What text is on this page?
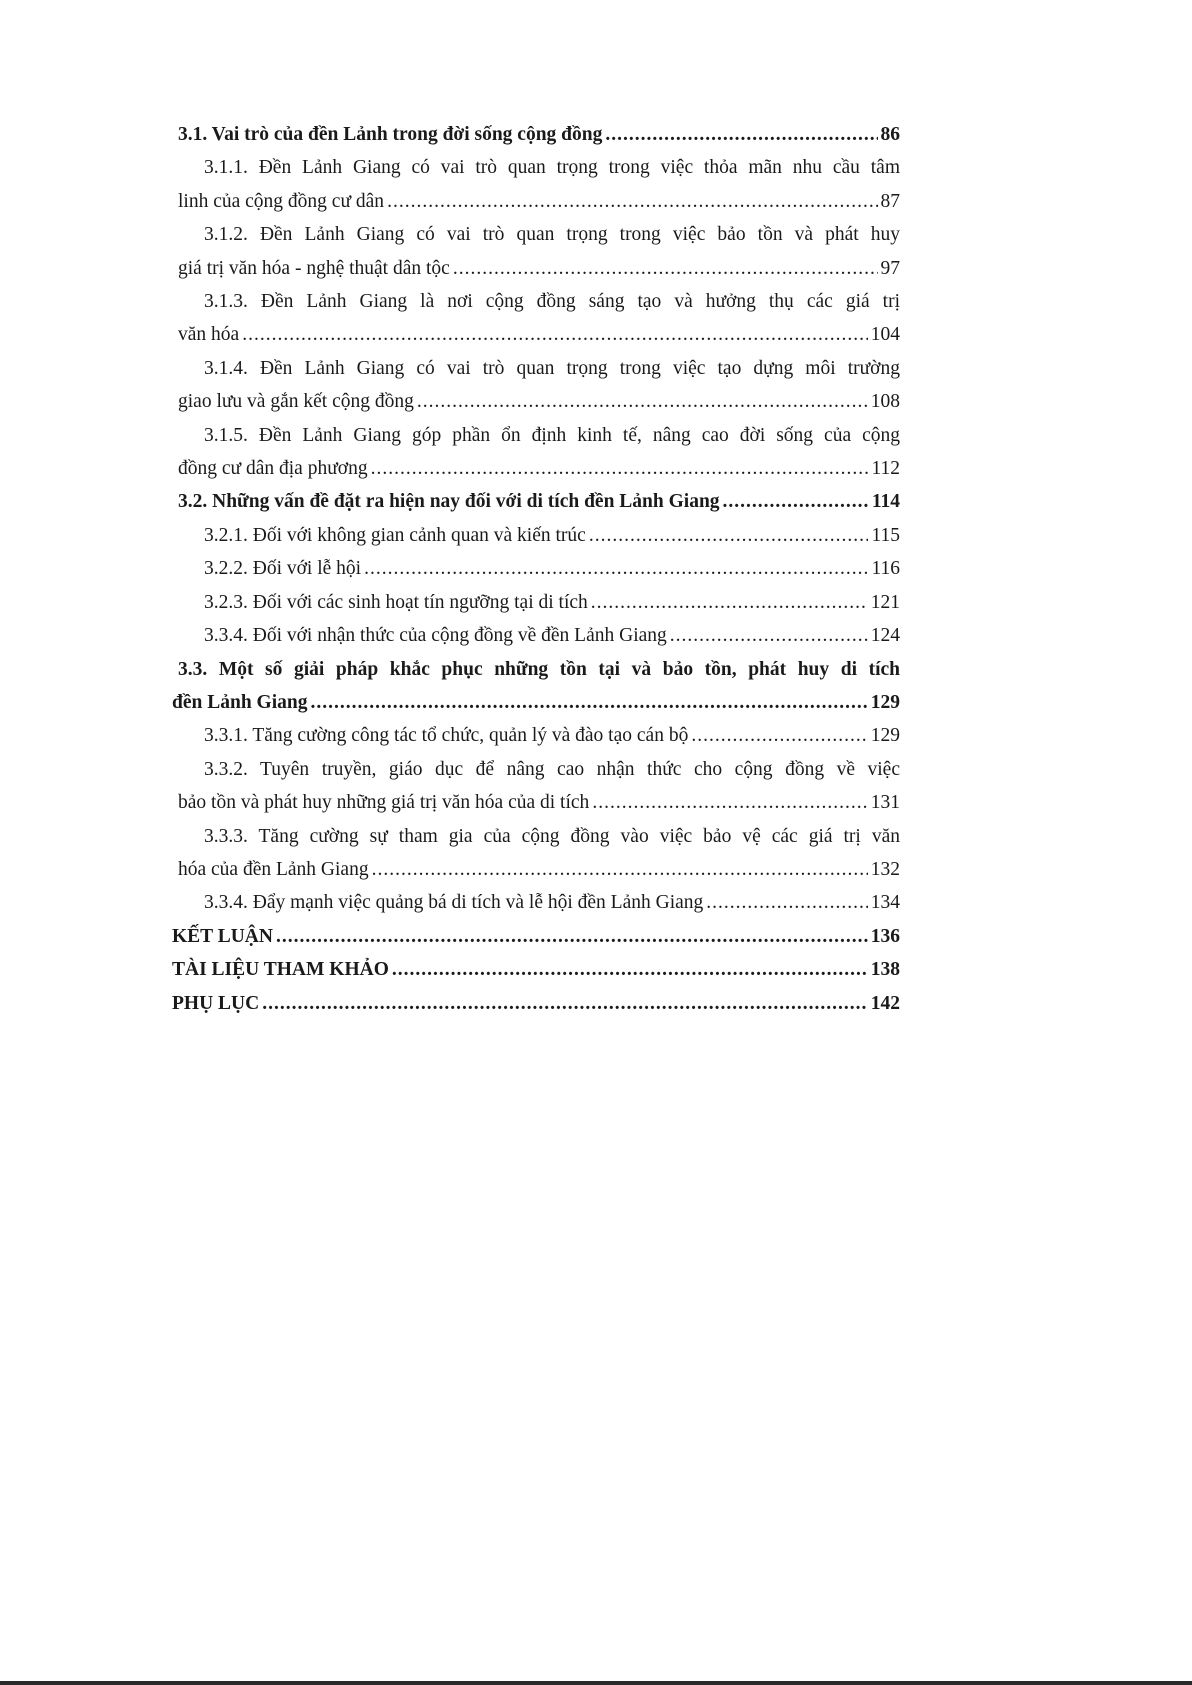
3.1. Vai trò của đền Lảnh trong đời sống cộng đồng .....	86
3.1.1. Đền Lảnh Giang có vai trò quan trọng trong việc thỏa mãn nhu cầu tâm
linh của cộng đồng cư dân .....	87
3.1.2. Đền Lảnh Giang có vai trò quan trọng trong việc bảo tồn và phát huy
giá trị văn hóa - nghệ thuật dân tộc .....	97
3.1.3. Đền Lảnh Giang là nơi cộng đồng sáng tạo và hưởng thụ các giá trị
văn hóa .....	104
3.1.4. Đền Lảnh Giang có vai trò quan trọng trong việc tạo dựng môi trường
giao lưu và gắn kết cộng đồng .....	108
3.1.5. Đền Lảnh Giang góp phần ổn định kinh tế, nâng cao đời sống của cộng
đồng cư dân địa phương .....	112
3.2. Những vấn đề đặt ra hiện nay đối với di tích đền Lảnh Giang .....	114
3.2.1. Đối với không gian cảnh quan và kiến trúc .....	115
3.2.2. Đối với lễ hội .....	116
3.2.3. Đối với các sinh hoạt tín ngưỡng tại di tích .....	121
3.3.4. Đối với nhận thức của cộng đồng về đền Lảnh Giang .....	124
3.3. Một số giải pháp khắc phục những tồn tại và bảo tồn, phát huy di tích
đền Lảnh Giang .....	129
3.3.1. Tăng cường công tác tổ chức, quản lý và đào tạo cán bộ .....	129
3.3.2. Tuyên truyền, giáo dục để nâng cao nhận thức cho cộng đồng về việc
bảo tồn và phát huy những giá trị văn hóa của di tích .....	131
3.3.3. Tăng cường sự tham gia của cộng đồng vào việc bảo vệ các giá trị văn
hóa của đền Lảnh Giang .....	132
3.3.4. Đẩy mạnh việc quảng bá di tích và lễ hội đền Lảnh Giang .....	134
KẾT LUẬN .....	136
TÀI LIỆU THAM KHẢO .....	138
PHỤ LỤC .....	142
